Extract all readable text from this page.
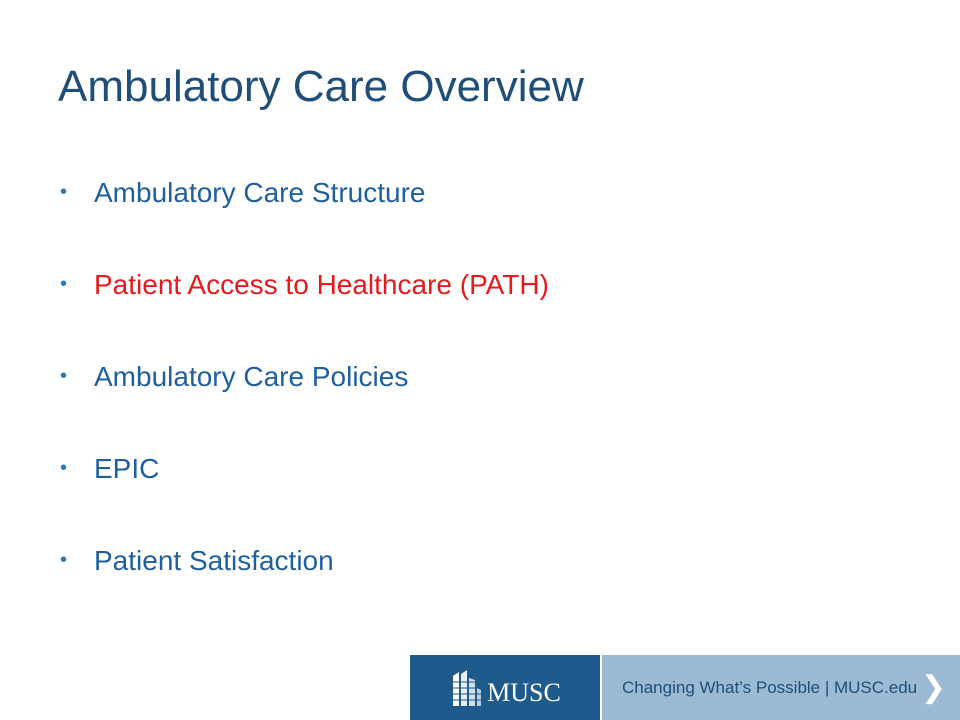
Ambulatory Care Overview
• Ambulatory Care Structure
• Patient Access to Healthcare (PATH)
• Ambulatory Care Policies
• EPIC
• Patient Satisfaction
MUSC	Changing What’s Possible | MUSC.edu ❯
